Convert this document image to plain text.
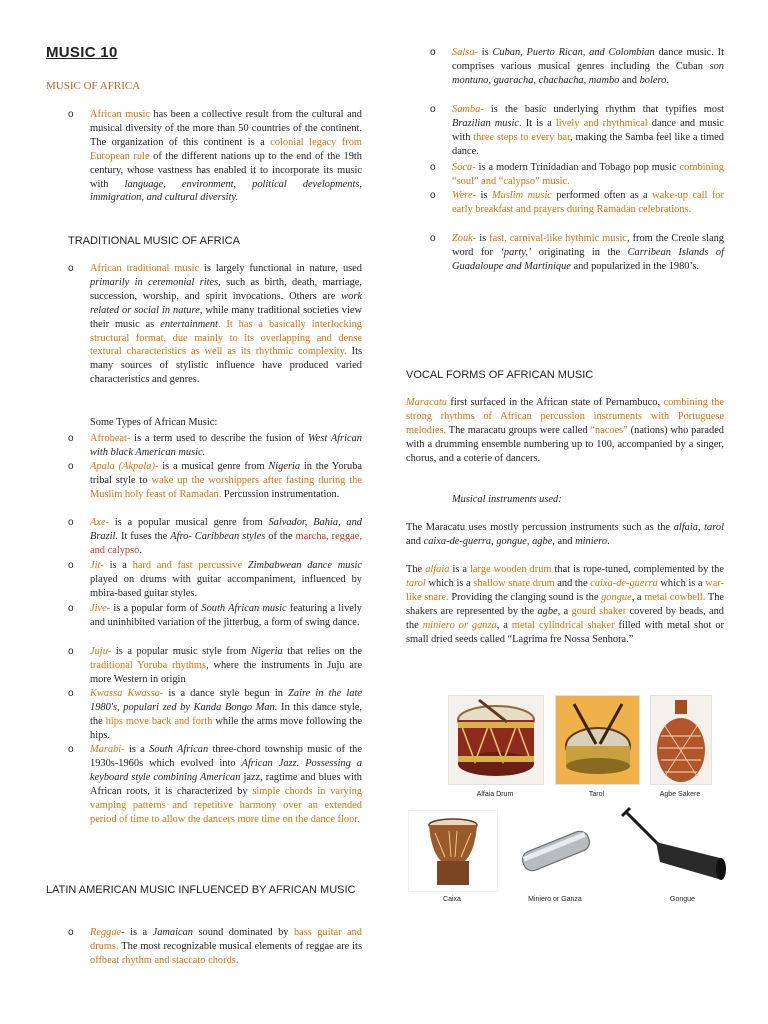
MUSIC 10
MUSIC OF AFRICA
o African music has been a collective result from the cultural and musical diversity of the more than 50 countries of the continent. The organization of this continent is a colonial legacy from European rule of the different nations up to the end of the 19th century, whose vastness has enabled it to incorporate its music with language, environment, political developments, immigration, and cultural diversity.
TRADITIONAL MUSIC OF AFRICA
o African traditional music is largely functional in nature, used primarily in ceremonial rites, such as birth, death, marriage, succession, worship, and spirit invocations. Others are work related or social in nature, while many traditional societies view their music as entertainment. It has a basically interlocking structural format, due mainly to its overlapping and dense textural characteristics as well as its rhythmic complexity. Its many sources of stylistic influence have produced varied characteristics and genres.
Some Types of African Music:
o Afrobeat- is a term used to describe the fusion of West African with black American music.
o Apala (Akpala)- is a musical genre from Nigeria in the Yoruba tribal style to wake up the worshippers after fasting during the Muslim holy feast of Ramadan. Percussion instrumentation.
o Axe- is a popular musical genre from Salvador, Bahia, and Brazil. It fuses the Afro- Caribbean styles of the marcha, reggae, and calypso.
o Jit- is a hard and fast percussive Zimbabwean dance music played on drums with guitar accompaniment, influenced by mbira-based guitar styles.
o Jive- is a popular form of South African music featuring a lively and uninhibited variation of the jitterbug, a form of swing dance.
o Juju- is a popular music style from Nigeria that relies on the traditional Yoruba rhythms, where the instruments in Juju are more Western in origin
o Kwassa Kwassa- is a dance style begun in Zaire in the late 1980's, populari zed by Kanda Bongo Man. In this dance style, the hips move back and forth while the arms move following the hips.
o Marabi- is a South African three-chord township music of the 1930s-1960s which evolved into African Jazz. Possessing a keyboard style combining American jazz, ragtime and blues with African roots, it is characterized by simple chords in varying vamping patterns and repetitive harmony over an extended period of time to allow the dancers more time on the dance floor.
LATIN AMERICAN MUSIC INFLUENCED BY AFRICAN MUSIC
o Reggae- is a Jamaican sound dominated by bass guitar and drums. The most recognizable musical elements of reggae are its offbeat rhythm and staccato chords.
o Salsa- is Cuban, Puerto Rican, and Colombian dance music. It comprises various musical genres including the Cuban son montuno, guaracha, chachacha, mambo and bolero.
o Samba- is the basic underlying rhythm that typifies most Brazilian music. It is a lively and rhythmical dance and music with three steps to every bar, making the Samba feel like a timed dance.
o Soca- is a modern Trinidadian and Tobago pop music combining “soul” and “calypso” music.
o Were- is Muslim music performed often as a wake-up call for early breakfast and prayers during Ramadan celebrations.
o Zouk- is fast, carnival-like hythmic music, from the Creole slang word for ‘party,’ originating in the Carribean Islands of Guadaloupe and Martinique and popularized in the 1980’s.
VOCAL FORMS OF AFRICAN MUSIC
Maracatu first surfaced in the African state of Pernambuco, combining the strong rhythms of African percussion instruments with Portuguese melodies. The maracatu groups were called “nacoes” (nations) who paraded with a drumming ensemble numbering up to 100, accompanied by a singer, chorus, and a coterie of dancers.
Musical instruments used:
The Maracatu uses mostly percussion instruments such as the alfaia, tarol and caixa-de-guerra, gongue, agbe, and miniero.
The alfaia is a large wooden drum that is rope-tuned, complemented by the tarol which is a shallow snare drum and the caixa-de-guerra which is a war-like snare. Providing the clanging sound is the gongue, a metal cowbell. The shakers are represented by the agbe, a gourd shaker covered by beads, and the miniero or ganza, a metal cylindrical shaker filled with metal shot or small dried seeds called “Lagrima fre Nossa Senhora.”
Alfaia Drum	Tarol	Agbe Sakere
Caixa	Miniero or Ganza	Gongue
